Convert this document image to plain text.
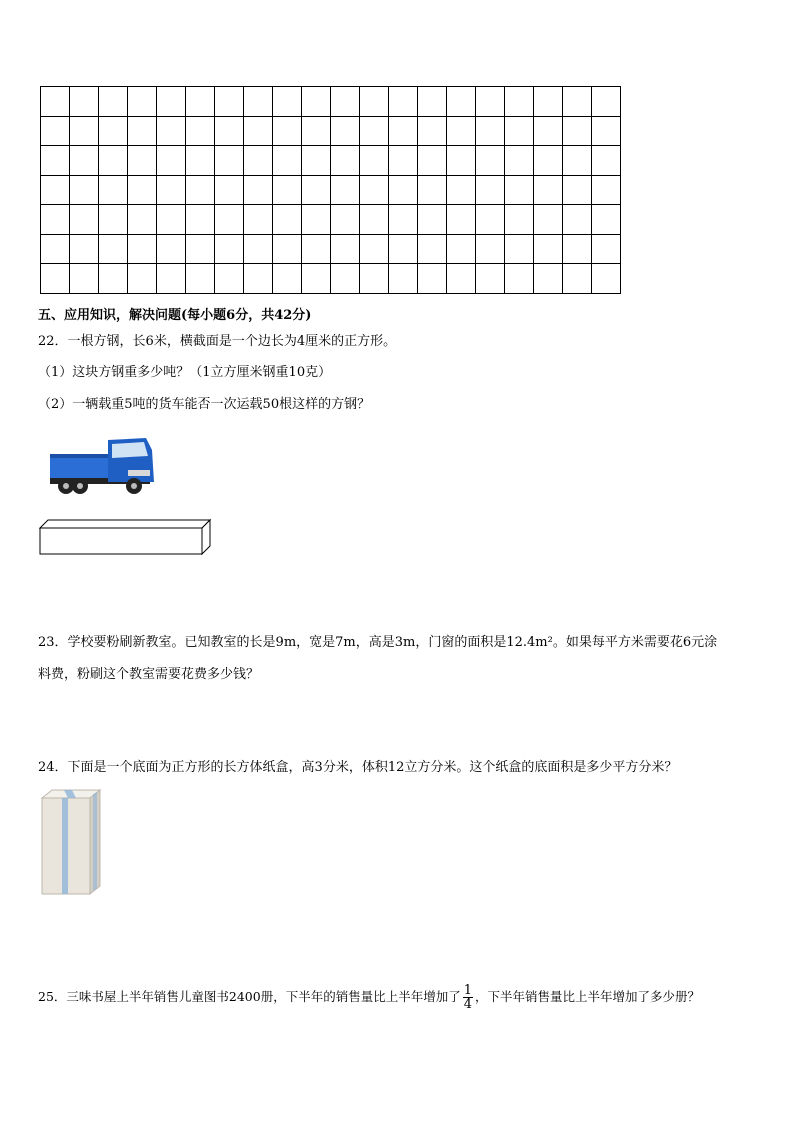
五、应用知识，解决问题(每小题6分，共42分)
22．一根方钢，长6米，横截面是一个边长为4厘米的正方形。
（1）这块方钢重多少吨？（1立方厘米钢重10克）
（2）一辆载重5吨的货车能否一次运载50根这样的方钢？
23．学校要粉刷新教室。已知教室的长是9m，宽是7m，高是3m，门窗的面积是12.4m²。如果每平方米需要花6元涂
料费，粉刷这个教室需要花费多少钱？
24．下面是一个底面为正方形的长方体纸盒，高3分米，体积12立方分米。这个纸盒的底面积是多少平方分米？
25．三味书屋上半年销售儿童图书2400册，下半年的销售量比上半年增加了 $\frac{1}{4}$ ，下半年销售量比上半年增加了多少册？
